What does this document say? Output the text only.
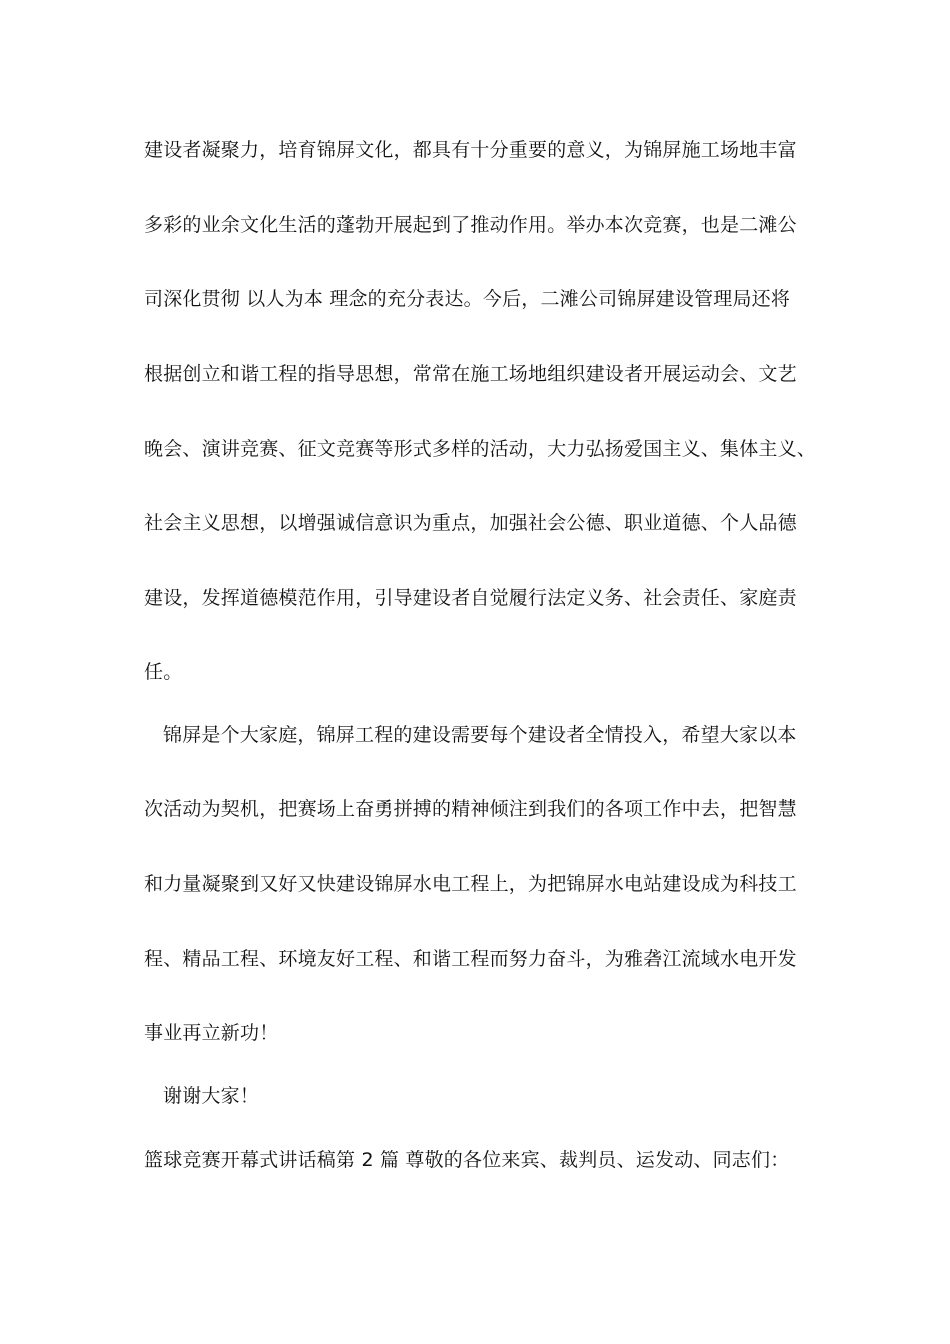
建设者凝聚力，培育锦屏文化，都具有十分重要的意义，为锦屏施工场地丰富
多彩的业余文化生活的蓬勃开展起到了推动作用。举办本次竞赛，也是二滩公
司深化贯彻 以人为本 理念的充分表达。今后，二滩公司锦屏建设管理局还将
根据创立和谐工程的指导思想，常常在施工场地组织建设者开展运动会、文艺
晚会、演讲竞赛、征文竞赛等形式多样的活动，大力弘扬爱国主义、集体主义、
社会主义思想，以增强诚信意识为重点，加强社会公德、职业道德、个人品德
建设，发挥道德模范作用，引导建设者自觉履行法定义务、社会责任、家庭责
任。
锦屏是个大家庭，锦屏工程的建设需要每个建设者全情投入，希望大家以本
次活动为契机，把赛场上奋勇拼搏的精神倾注到我们的各项工作中去，把智慧
和力量凝聚到又好又快建设锦屏水电工程上，为把锦屏水电站建设成为科技工
程、精品工程、环境友好工程、和谐工程而努力奋斗，为雅砻江流域水电开发
事业再立新功！
谢谢大家！
篮球竞赛开幕式讲话稿第 2 篇 尊敬的各位来宾、裁判员、运发动、同志们：
